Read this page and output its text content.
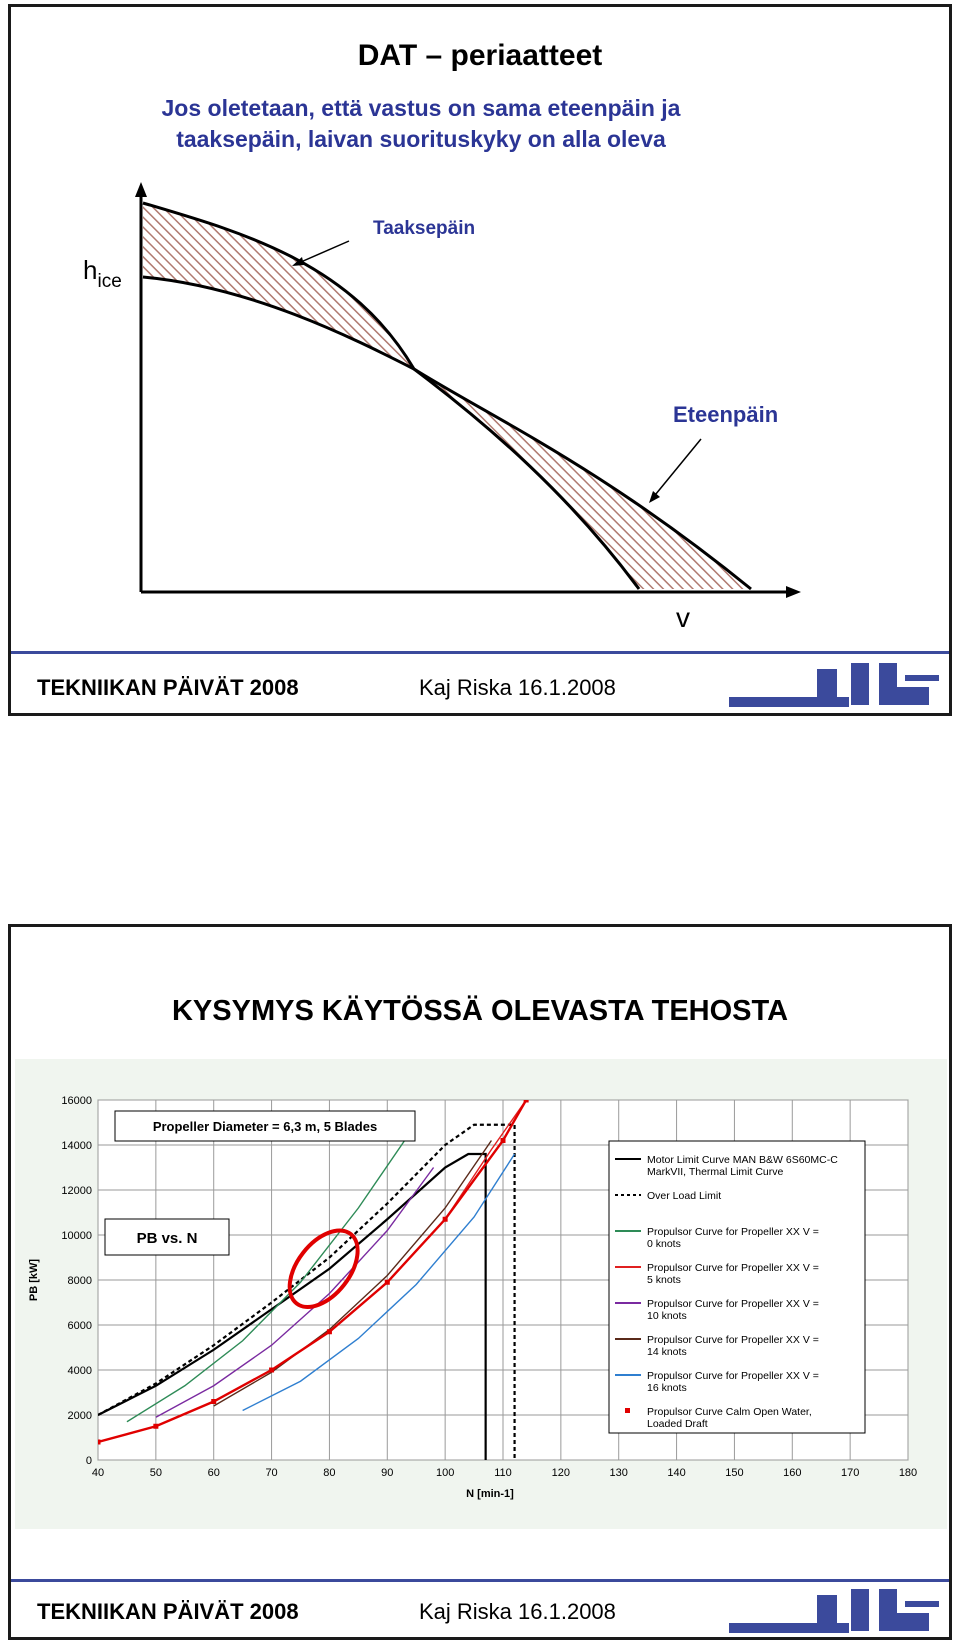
DAT – periaatteet
Jos oletetaan, että vastus on sama eteenpäin ja
taaksepäin, laivan suorituskyky on alla oleva
$h_{ice}$
v
Taaksepäin
Eteenpäin
TEKNIIKAN PÄIVÄT 2008	Kaj Riska 16.1.2008
KYSYMYS KÄYTÖSSÄ OLEVASTA TEHOSTA
40	50	60	70	80	90	100	110	120	130	140	150	160	170	180
0
2000
4000
6000
8000
10000
12000
14000
16000
N [min-1]
PB [kW]
Propeller Diameter = 6,3 m, 5 Blades
PB vs. N
Motor Limit Curve MAN B&W 6S60MC-C MarkVII, Thermal Limit Curve
Over Load Limit
Propulsor Curve for Propeller XX V = 0 knots
Propulsor Curve for Propeller XX V = 5 knots
Propulsor Curve for Propeller XX V = 10 knots
Propulsor Curve for Propeller XX V = 14 knots
Propulsor Curve for Propeller XX V = 16 knots
Propulsor Curve Calm Open Water, Loaded Draft
TEKNIIKAN PÄIVÄT 2008	Kaj Riska 16.1.2008
